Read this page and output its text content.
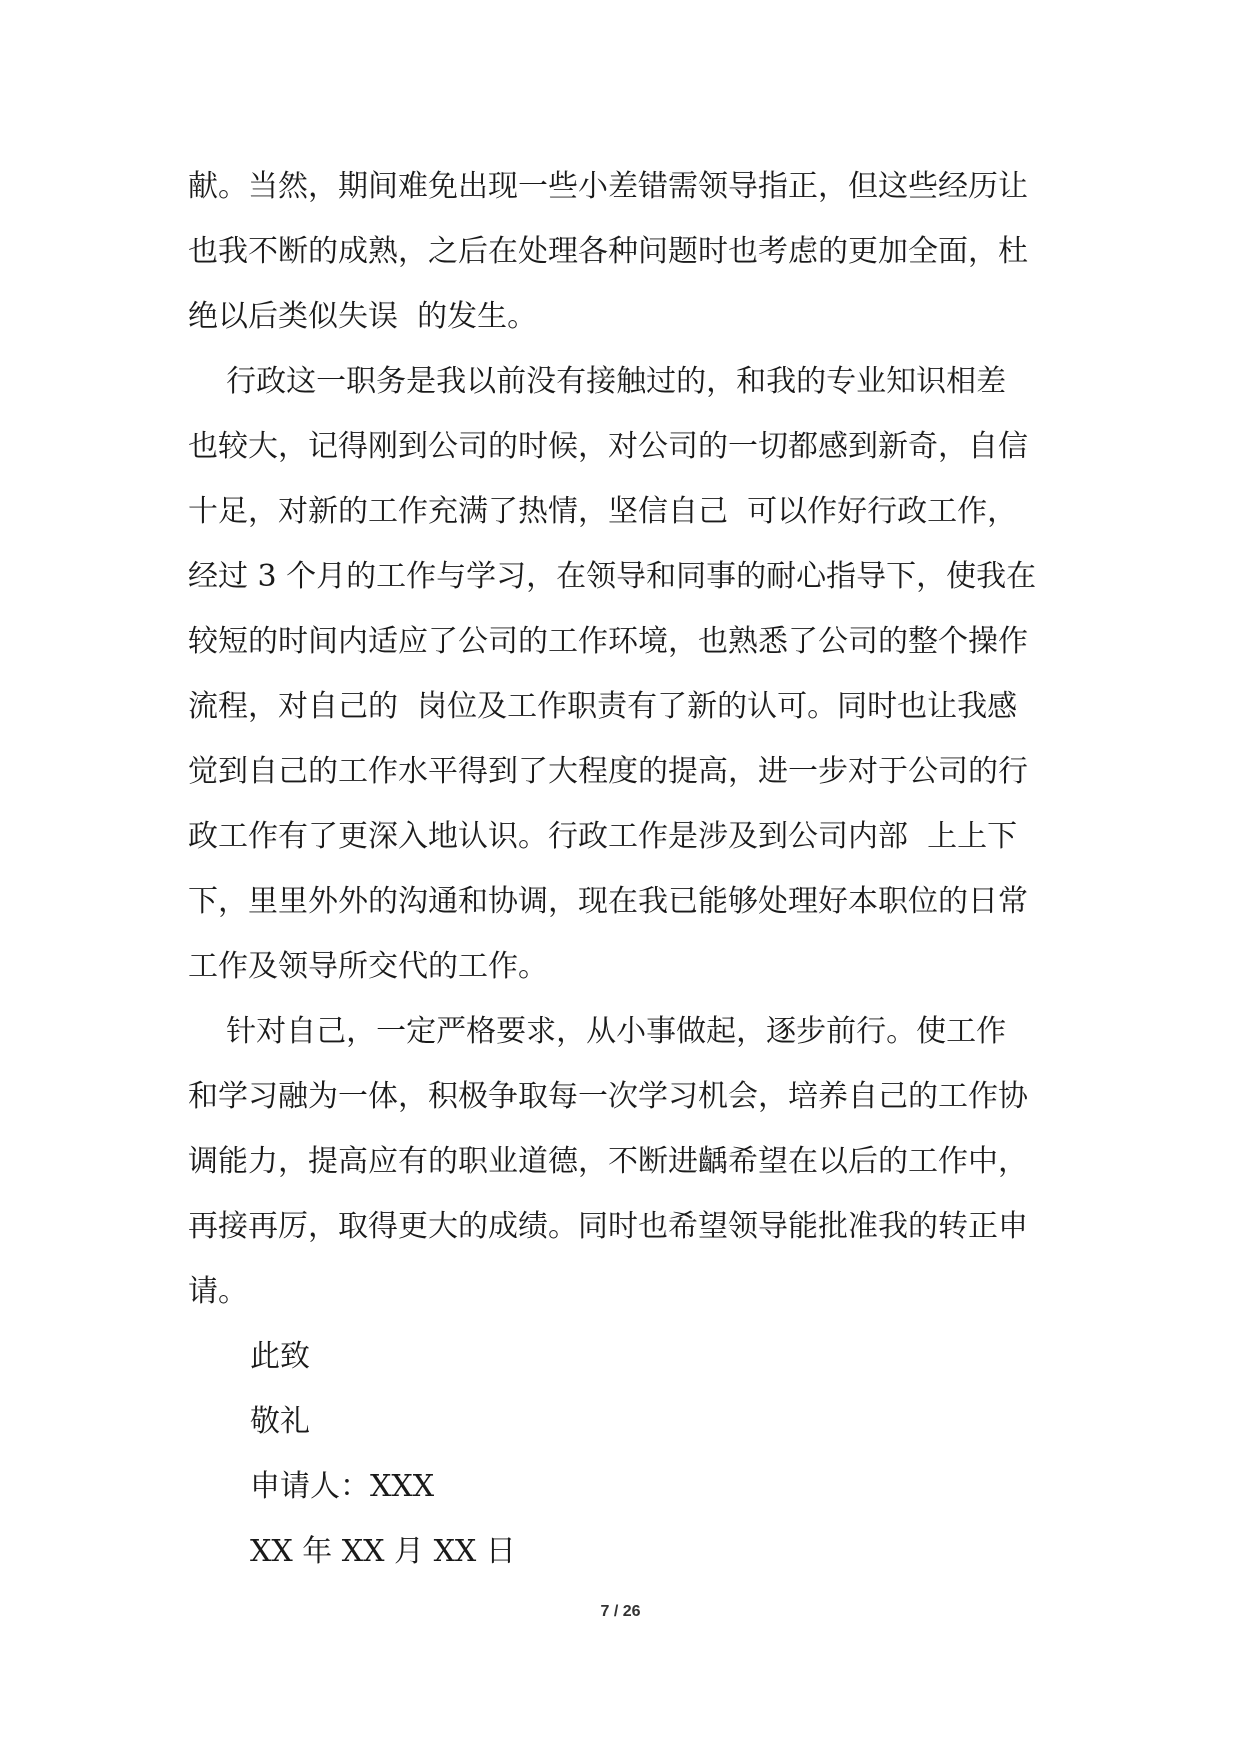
献。当然，期间难免出现一些小差错需领导指正，但这些经历让
也我不断的成熟，之后在处理各种问题时也考虑的更加全面，杜
绝以后类似失误  的发生。
行政这一职务是我以前没有接触过的，和我的专业知识相差
也较大，记得刚到公司的时候，对公司的一切都感到新奇，自信
十足，对新的工作充满了热情，坚信自己  可以作好行政工作，
经过 3 个月的工作与学习，在领导和同事的耐心指导下，使我在
较短的时间内适应了公司的工作环境，也熟悉了公司的整个操作
流程，对自己的  岗位及工作职责有了新的认可。同时也让我感
觉到自己的工作水平得到了大程度的提高，进一步对于公司的行
政工作有了更深入地认识。行政工作是涉及到公司内部  上上下
下，里里外外的沟通和协调，现在我已能够处理好本职位的日常
工作及领导所交代的工作。
针对自己，一定严格要求，从小事做起，逐步前行。使工作
和学习融为一体，积极争取每一次学习机会，培养自己的工作协
调能力，提高应有的职业道德，不断进齲希望在以后的工作中，
再接再厉，取得更大的成绩。同时也希望领导能批准我的转正申
请。
此致
敬礼
申请人：XXX
XX 年 XX 月 XX 日
7 / 26
